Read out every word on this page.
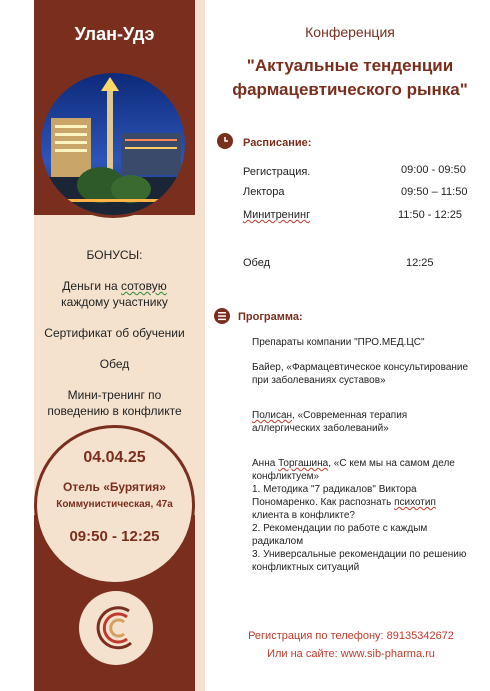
Улан-Удэ
БОНУСЫ:
Деньги на сотовую
каждому участнику
Сертификат об обучении
Обед
Мини-тренинг по
поведению в конфликте
04.04.25
Отель «Бурятия»
Коммунистическая, 47а
09:50 - 12:25
Конференция
"Актуальные тенденции
фармацевтического рынка"
Расписание:
Регистрация.	09:00 - 09:50
Лектора	09:50 – 11:50
Минитренинг	11:50 - 12:25
Обед	12:25
Программа:

Препараты компании "ПРО.МЕД.ЦС"

Байер, «Фармацевтическое консультирование при заболеваниях суставов»

Полисан, «Современная терапия аллергических заболеваний»

Анна Торгашина, «С кем мы на самом деле конфликтуем»
1. Методика "7 радикалов" Виктора Пономаренко. Как распознать психотип клиента в конфликте?
2. Рекомендации по работе с каждым радикалом
3. Универсальные рекомендации по решению конфликтных ситуаций

Регистрация по телефону: 89135342672
Или на сайте: www.sib-pharma.ru
